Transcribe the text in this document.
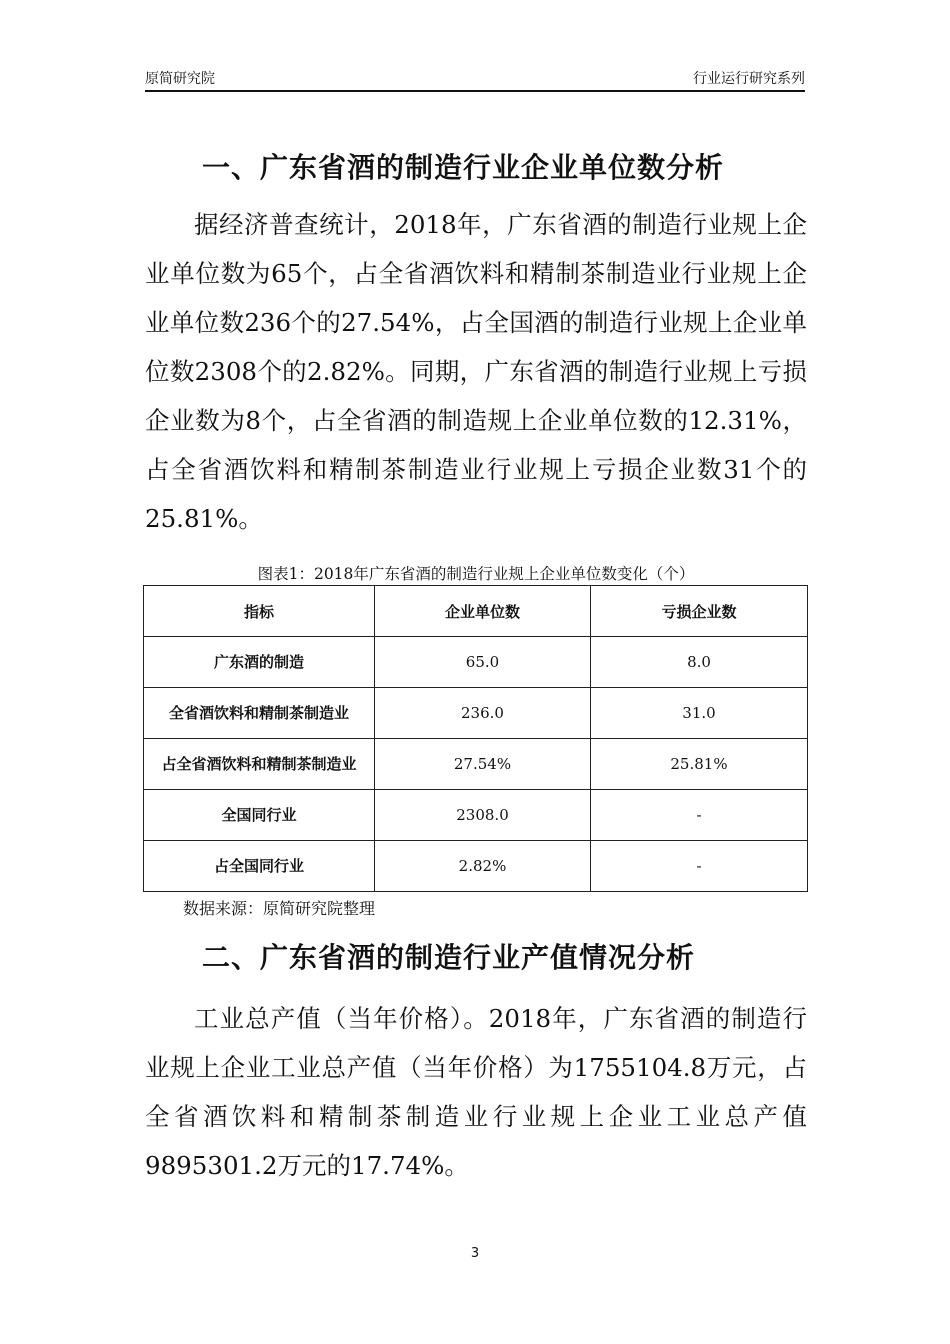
原简研究院	行业运行研究系列
一、广东省酒的制造行业企业单位数分析

据经济普查统计，2018年，广东省酒的制造行业规上企业单位数为65个，占全省酒饮料和精制茶制造业行业规上企业单位数236个的27.54%，占全国酒的制造行业规上企业单位数2308个的2.82%。同期，广东省酒的制造行业规上亏损企业数为8个，占全省酒的制造规上企业单位数的12.31%，占全省酒饮料和精制茶制造业行业规上亏损企业数31个的25.81%。

图表1：2018年广东省酒的制造行业规上企业单位数变化（个）
指标	企业单位数	亏损企业数
广东酒的制造	65.0	8.0
全省酒饮料和精制茶制造业	236.0	31.0
占全省酒饮料和精制茶制造业	27.54%	25.81%
全国同行业	2308.0	-
占全国同行业	2.82%	-
数据来源：原简研究院整理
二、广东省酒的制造行业产值情况分析

工业总产值（当年价格）。2018年，广东省酒的制造行业规上企业工业总产值（当年价格）为1755104.8万元，占全省酒饮料和精制茶制造业行业规上企业工业总产值9895301.2万元的17.74%。

3
